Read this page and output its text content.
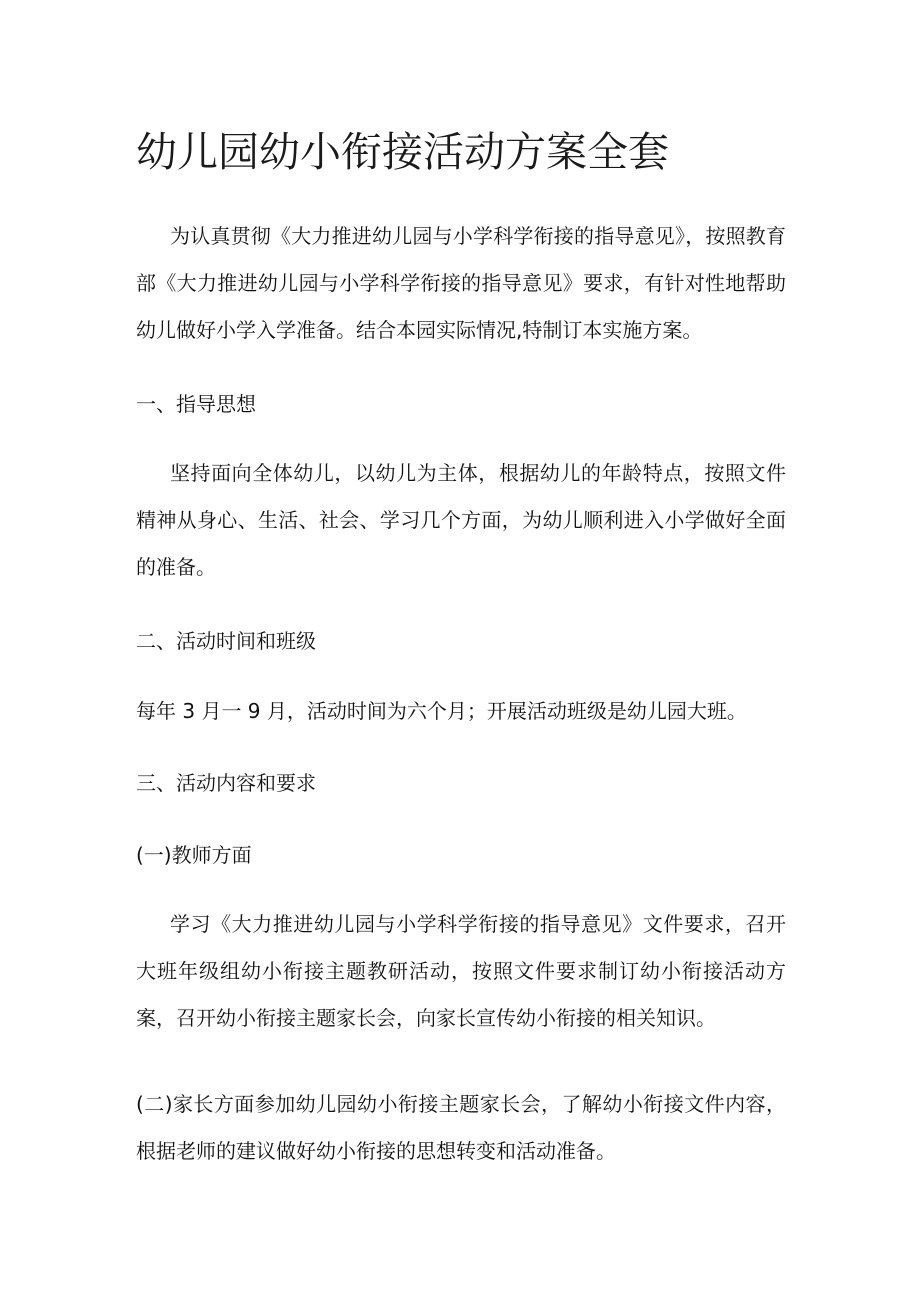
幼儿园幼小衔接活动方案全套

为认真贯彻《大力推进幼儿园与小学科学衔接的指导意见》，按照教育部《大力推进幼儿园与小学科学衔接的指导意见》要求，有针对性地帮助幼儿做好小学入学准备。结合本园实际情况,特制订本实施方案。

一、指导思想

坚持面向全体幼儿，以幼儿为主体，根据幼儿的年龄特点，按照文件精神从身心、生活、社会、学习几个方面，为幼儿顺利进入小学做好全面的准备。

二、活动时间和班级

每年 3 月一 9 月，活动时间为六个月；开展活动班级是幼儿园大班。

三、活动内容和要求

(一)教师方面

学习《大力推进幼儿园与小学科学衔接的指导意见》文件要求，召开大班年级组幼小衔接主题教研活动，按照文件要求制订幼小衔接活动方案，召开幼小衔接主题家长会，向家长宣传幼小衔接的相关知识。

(二)家长方面参加幼儿园幼小衔接主题家长会，了解幼小衔接文件内容，根据老师的建议做好幼小衔接的思想转变和活动准备。
